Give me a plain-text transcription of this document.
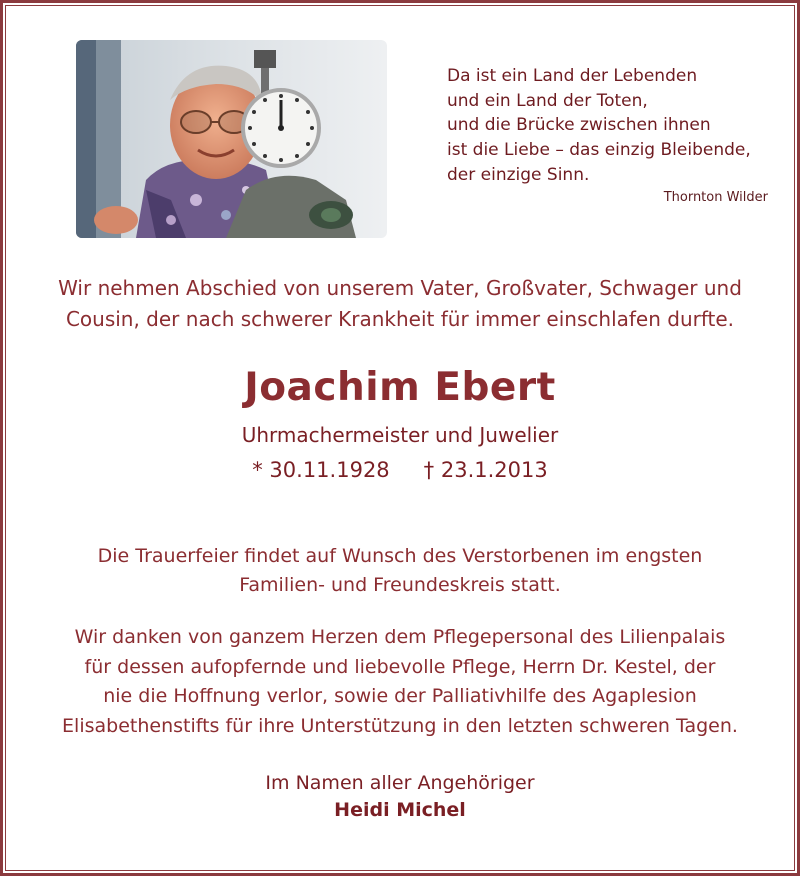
Da ist ein Land der Lebenden
und ein Land der Toten,
und die Brücke zwischen ihnen
ist die Liebe – das einzig Bleibende,
der einzige Sinn.
Thornton Wilder
Wir nehmen Abschied von unserem Vater, Großvater, Schwager und
Cousin, der nach schwerer Krankheit für immer einschlafen durfte.
Joachim Ebert
Uhrmachermeister und Juwelier
* 30.11.1928 † 23.1.2013
Die Trauerfeier findet auf Wunsch des Verstorbenen im engsten
Familien- und Freundeskreis statt.
Wir danken von ganzem Herzen dem Pflegepersonal des Lilienpalais
für dessen aufopfernde und liebevolle Pflege, Herrn Dr. Kestel, der
nie die Hoffnung verlor, sowie der Palliativhilfe des Agaplesion
Elisabethenstifts für ihre Unterstützung in den letzten schweren Tagen.
Im Namen aller Angehöriger
Heidi Michel
